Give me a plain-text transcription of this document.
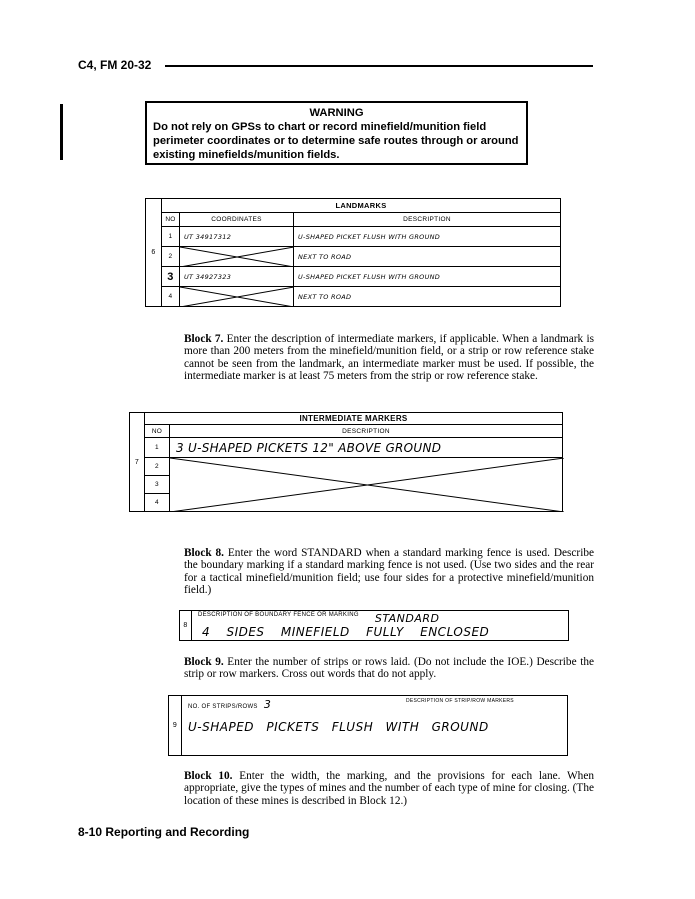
C4, FM 20-32
WARNING
Do not rely on GPSs to chart or record minefield/munition field perimeter coordinates or to determine safe routes through or around existing minefields/munition fields.
6	LANDMARKS		
	NO	COORDINATES	DESCRIPTION
	1	UT 34917312	U-SHAPED PICKET FLUSH WITH GROUND
	2		NEXT TO ROAD
	3	UT 34927323	U-SHAPED PICKET FLUSH WITH GROUND
	4		NEXT TO ROAD
Block 7. Enter the description of intermediate markers, if applicable. When a landmark is more than 200 meters from the minefield/munition field, or a strip or row reference stake cannot be seen from the landmark, an intermediate marker must be used. If possible, the intermediate marker is at least 75 meters from the strip or row reference stake.
7	INTERMEDIATE MARKERS	
	NO	DESCRIPTION
	1	3 U-SHAPED PICKETS 12" ABOVE GROUND
	2	

	3	
	4	
Block 8. Enter the word STANDARD when a standard marking fence is used. Describe the boundary marking if a standard marking fence is not used. (Use two sides and the rear for a tactical minefield/munition field; use four sides for a protective minefield/munition field.)
8	DESCRIPTION OF BOUNDARY FENCE OR MARKING STANDARD
4 SIDES MINEFIELD FULLY ENCLOSED
Block 9. Enter the number of strips or rows laid. (Do not include the IOE.) Describe the strip or row markers. Cross out words that do not apply.
9	
NO. OF STRIPS/ROWS 3	DESCRIPTION OF STRIP/ROW MARKERS
U-SHAPED PICKETS FLUSH WITH GROUND
Block 10. Enter the width, the marking, and the provisions for each lane. When appropriate, give the types of mines and the number of each type of mine for closing. (The location of these mines is described in Block 12.)
8-10 Reporting and Recording
